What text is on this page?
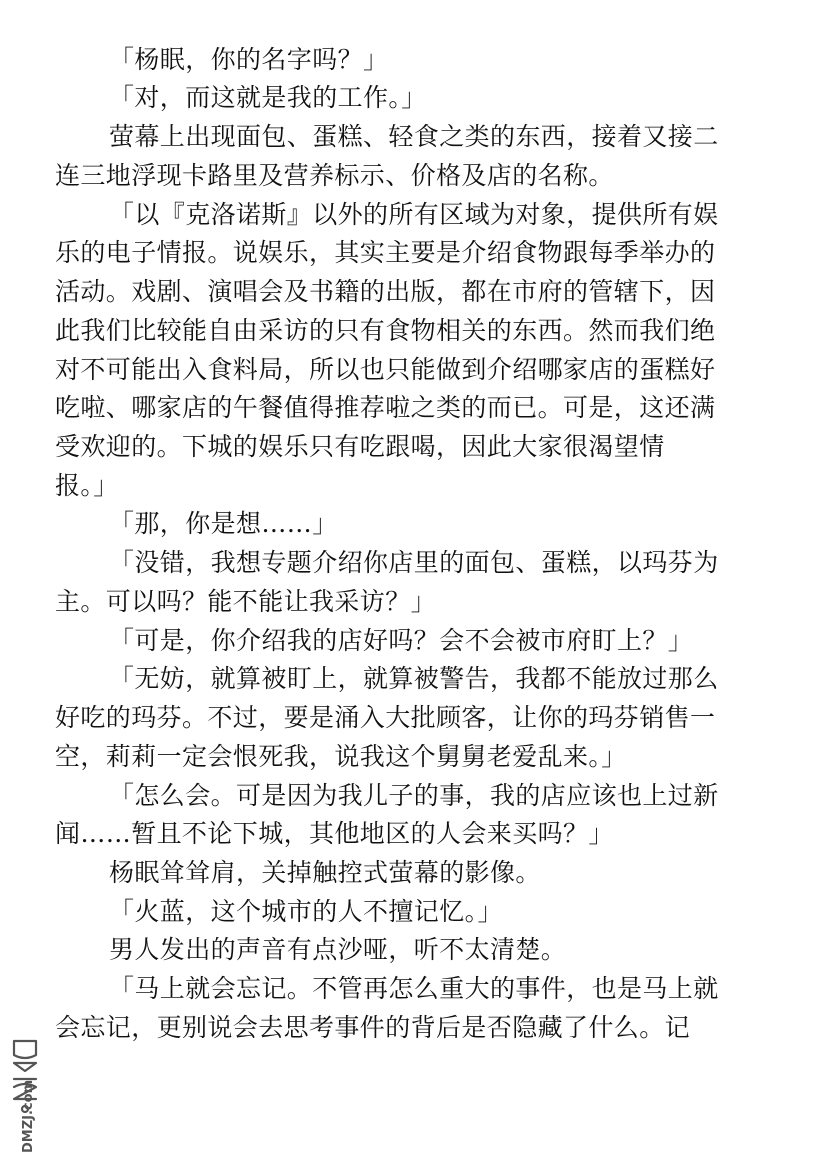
「杨眠，你的名字吗？」
「对，而这就是我的工作。」
萤幕上出现面包、蛋糕、轻食之类的东西，接着又接二
连三地浮现卡路里及营养标示、价格及店的名称。
「以『克洛诺斯』以外的所有区域为对象，提供所有娱
乐的电子情报。说娱乐，其实主要是介绍食物跟每季举办的
活动。戏剧、演唱会及书籍的出版，都在市府的管辖下，因
此我们比较能自由采访的只有食物相关的东西。然而我们绝
对不可能出入食料局，所以也只能做到介绍哪家店的蛋糕好
吃啦、哪家店的午餐值得推荐啦之类的而已。可是，这还满
受欢迎的。下城的娱乐只有吃跟喝，因此大家很渴望情
报。」
「那，你是想……」
「没错，我想专题介绍你店里的面包、蛋糕，以玛芬为
主。可以吗？能不能让我采访？」
「可是，你介绍我的店好吗？会不会被市府盯上？」
「无妨，就算被盯上，就算被警告，我都不能放过那么
好吃的玛芬。不过，要是涌入大批顾客，让你的玛芬销售一
空，莉莉一定会恨死我，说我这个舅舅老爱乱来。」
「怎么会。可是因为我儿子的事，我的店应该也上过新
闻……暂且不论下城，其他地区的人会来买吗？」
杨眠耸耸肩，关掉触控式萤幕的影像。
「火蓝，这个城市的人不擅记忆。」
男人发出的声音有点沙哑，听不太清楚。
「马上就会忘记。不管再怎么重大的事件，也是马上就
会忘记，更别说会去思考事件的背后是否隐藏了什么。记
DMZJ.com
